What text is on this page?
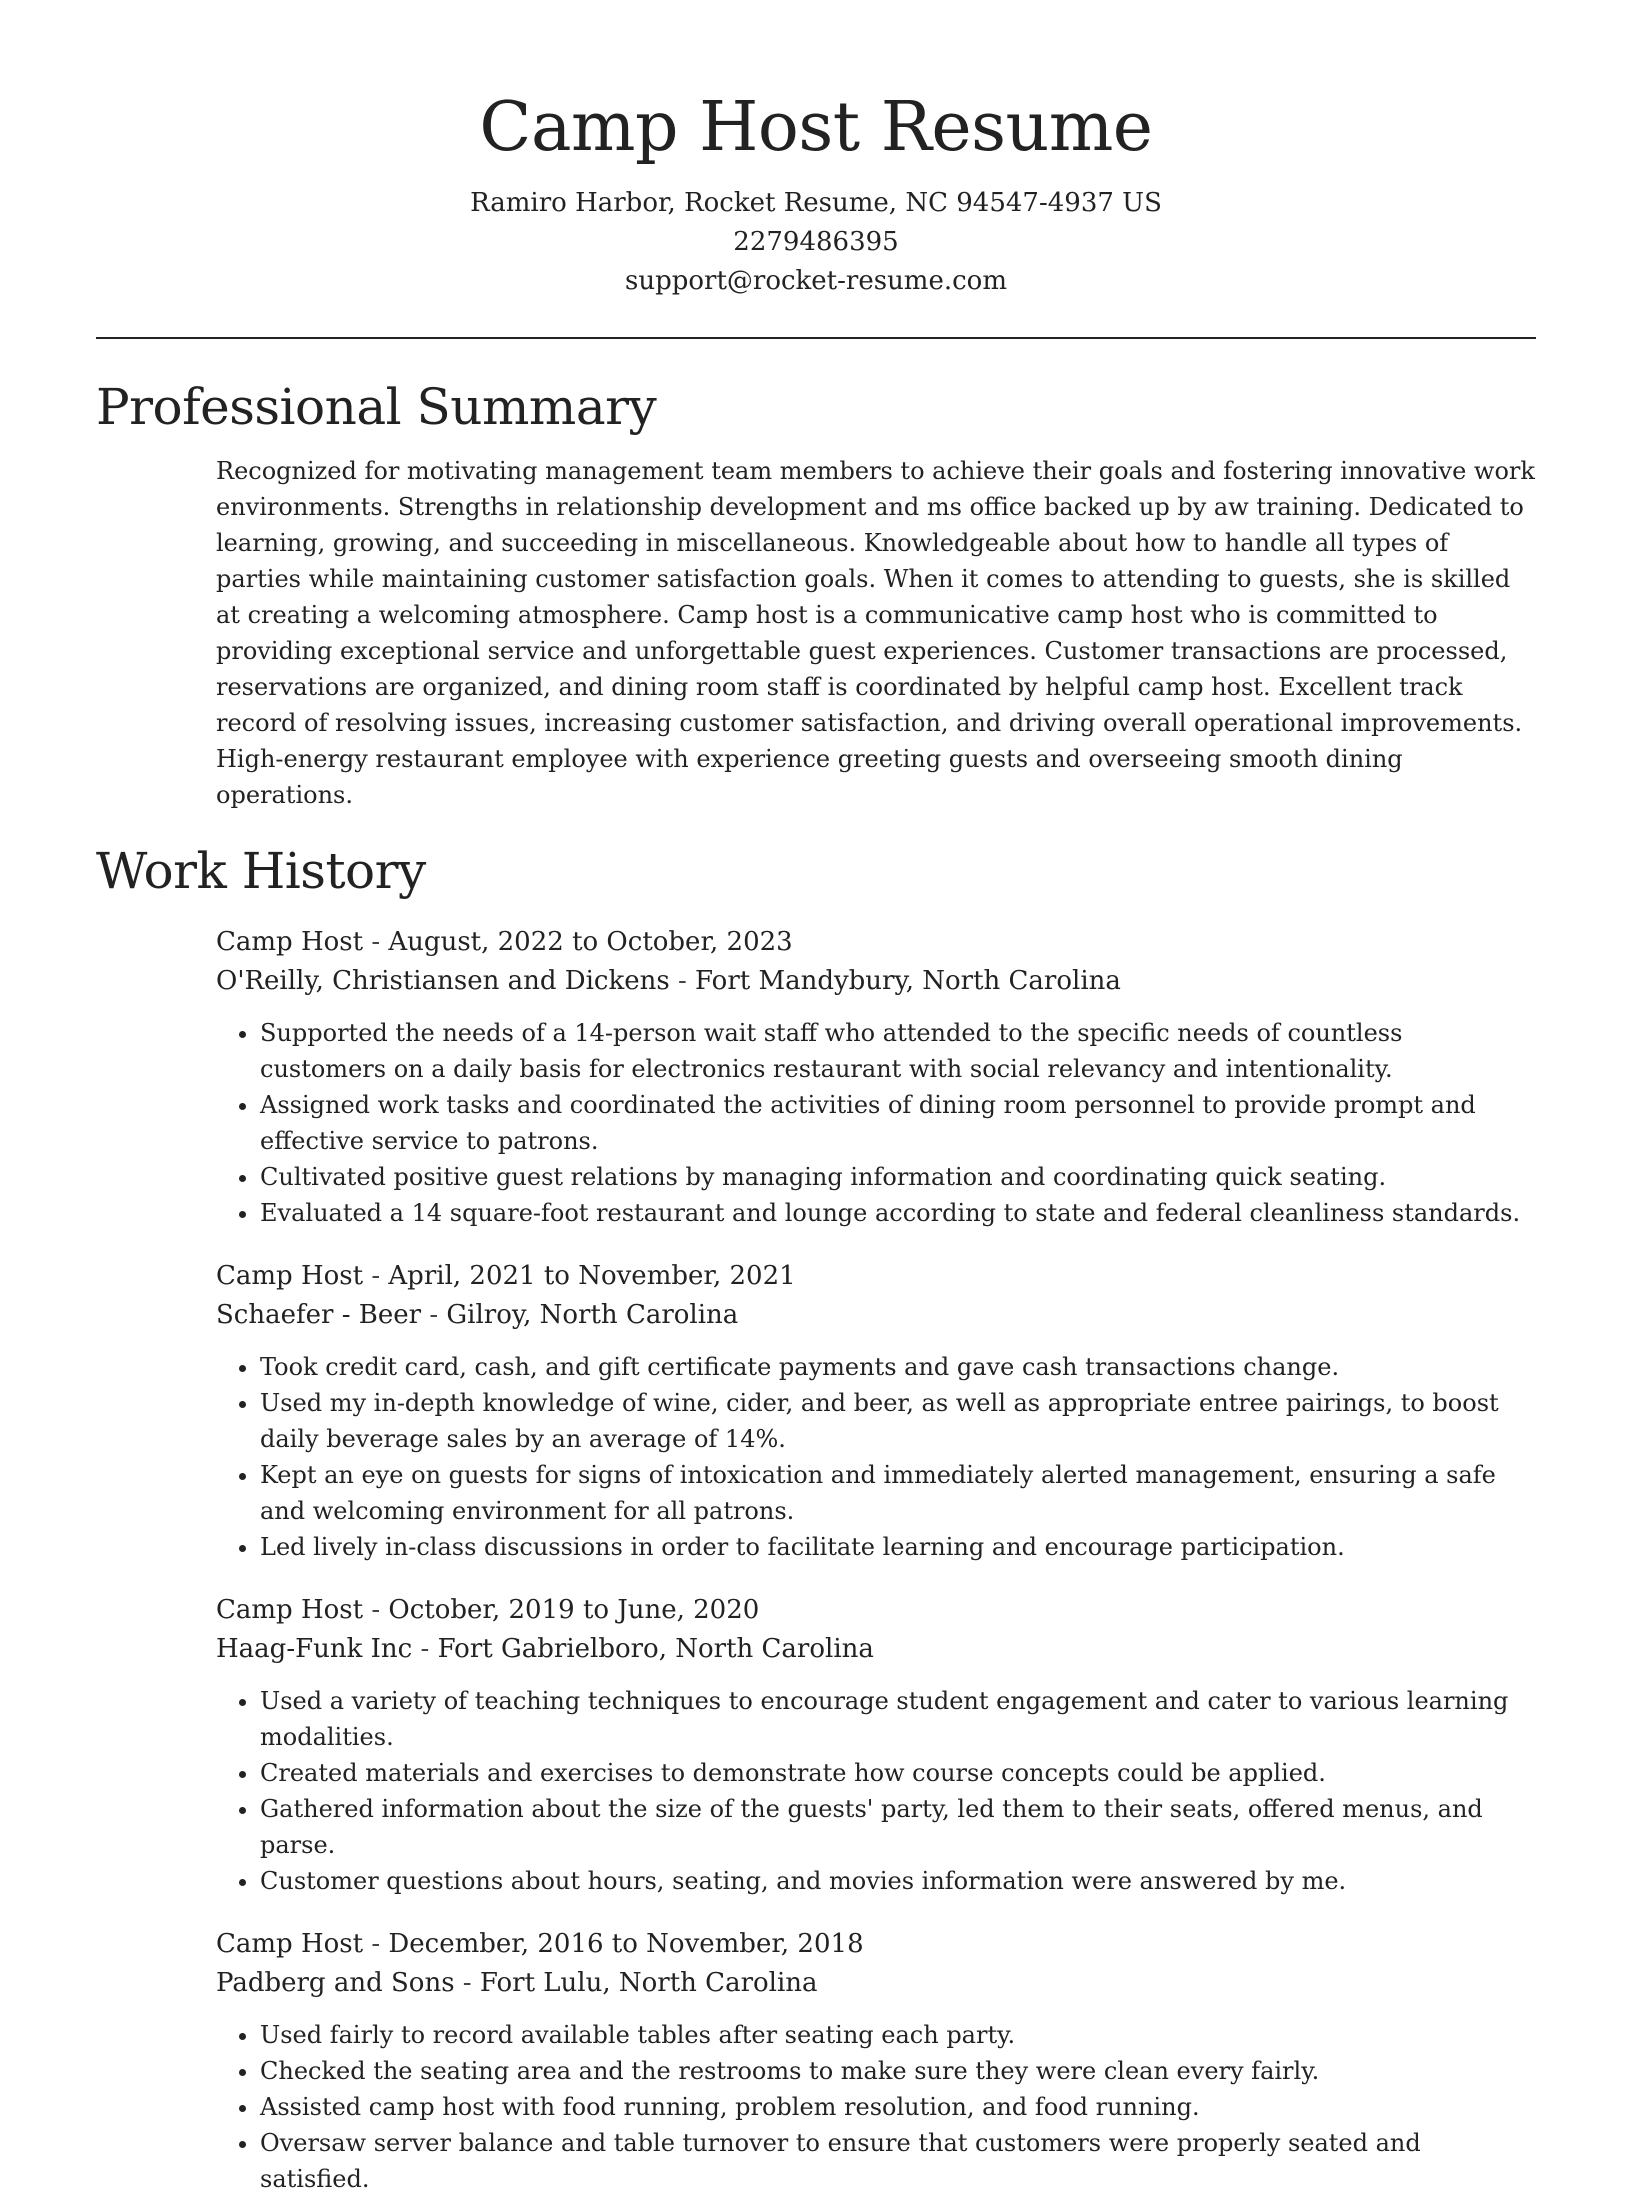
Camp Host Resume
Ramiro Harbor, Rocket Resume, NC 94547-4937 US
2279486395
support@rocket-resume.com
Professional Summary
Recognized for motivating management team members to achieve their goals and fostering innovative work environments. Strengths in relationship development and ms office backed up by aw training. Dedicated to learning, growing, and succeeding in miscellaneous. Knowledgeable about how to handle all types of parties while maintaining customer satisfaction goals. When it comes to attending to guests, she is skilled at creating a welcoming atmosphere. Camp host is a communicative camp host who is committed to providing exceptional service and unforgettable guest experiences. Customer transactions are processed, reservations are organized, and dining room staff is coordinated by helpful camp host. Excellent track record of resolving issues, increasing customer satisfaction, and driving overall operational improvements. High-energy restaurant employee with experience greeting guests and overseeing smooth dining operations.
Work History
Camp Host - August, 2022 to October, 2023
O'Reilly, Christiansen and Dickens - Fort Mandybury, North Carolina
• Supported the needs of a 14-person wait staff who attended to the specific needs of countless customers on a daily basis for electronics restaurant with social relevancy and intentionality.
• Assigned work tasks and coordinated the activities of dining room personnel to provide prompt and effective service to patrons.
• Cultivated positive guest relations by managing information and coordinating quick seating.
• Evaluated a 14 square-foot restaurant and lounge according to state and federal cleanliness standards.
Camp Host - April, 2021 to November, 2021
Schaefer - Beer - Gilroy, North Carolina
• Took credit card, cash, and gift certificate payments and gave cash transactions change.
• Used my in-depth knowledge of wine, cider, and beer, as well as appropriate entree pairings, to boost daily beverage sales by an average of 14%.
• Kept an eye on guests for signs of intoxication and immediately alerted management, ensuring a safe and welcoming environment for all patrons.
• Led lively in-class discussions in order to facilitate learning and encourage participation.
Camp Host - October, 2019 to June, 2020
Haag-Funk Inc - Fort Gabrielboro, North Carolina
• Used a variety of teaching techniques to encourage student engagement and cater to various learning modalities.
• Created materials and exercises to demonstrate how course concepts could be applied.
• Gathered information about the size of the guests' party, led them to their seats, offered menus, and parse.
• Customer questions about hours, seating, and movies information were answered by me.
Camp Host - December, 2016 to November, 2018
Padberg and Sons - Fort Lulu, North Carolina
• Used fairly to record available tables after seating each party.
• Checked the seating area and the restrooms to make sure they were clean every fairly.
• Assisted camp host with food running, problem resolution, and food running.
• Oversaw server balance and table turnover to ensure that customers were properly seated and satisfied.
